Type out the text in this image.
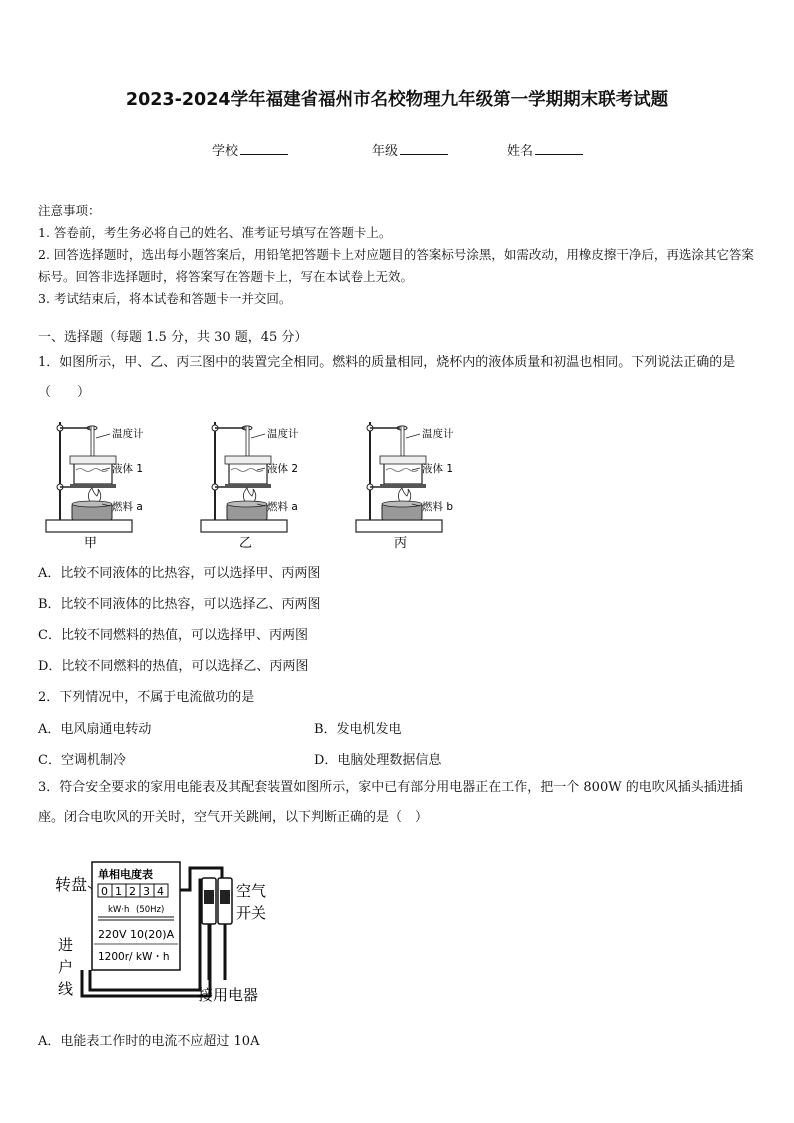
2023-2024学年福建省福州市名校物理九年级第一学期期末联考试题
学校	年级	姓名
注意事项：
1. 答卷前，考生务必将自己的姓名、准考证号填写在答题卡上。
2. 回答选择题时，选出每小题答案后，用铅笔把答题卡上对应题目的答案标号涂黑，如需改动，用橡皮擦干净后，再选涂其它答案标号。回答非选择题时，将答案写在答题卡上，写在本试卷上无效。
3. 考试结束后，将本试卷和答题卡一并交回。
一、选择题（每题 1.5 分，共 30 题，45 分）
1．如图所示，甲、乙、丙三图中的装置完全相同。燃料的质量相同，烧杯内的液体质量和初温也相同。下列说法正确的是（　　）
温度计
液体 1
燃料 a
甲
温度计
液体 2
燃料 a
乙
温度计
液体 1
燃料 b
丙
A．比较不同液体的比热容，可以选择甲、丙两图
B．比较不同液体的比热容，可以选择乙、丙两图
C．比较不同燃料的热值，可以选择甲、丙两图
D．比较不同燃料的热值，可以选择乙、丙两图
2．下列情况中，不属于电流做功的是
A．电风扇通电转动	B．发电机发电
C．空调机制冷	D．电脑处理数据信息
3．符合安全要求的家用电能表及其配套装置如图所示，家中已有部分用电器正在工作，把一个 800W 的电吹风插头插进插座。闭合电吹风的开关时，空气开关跳闸，以下判断正确的是（　）
转盘
单相电度表
0 1 2 3 4
kW·h (50Hz)
220V 10(20)A
1200r/ kW・h
进
户
线
空气
开关
接用电器
A．电能表工作时的电流不应超过 10A
